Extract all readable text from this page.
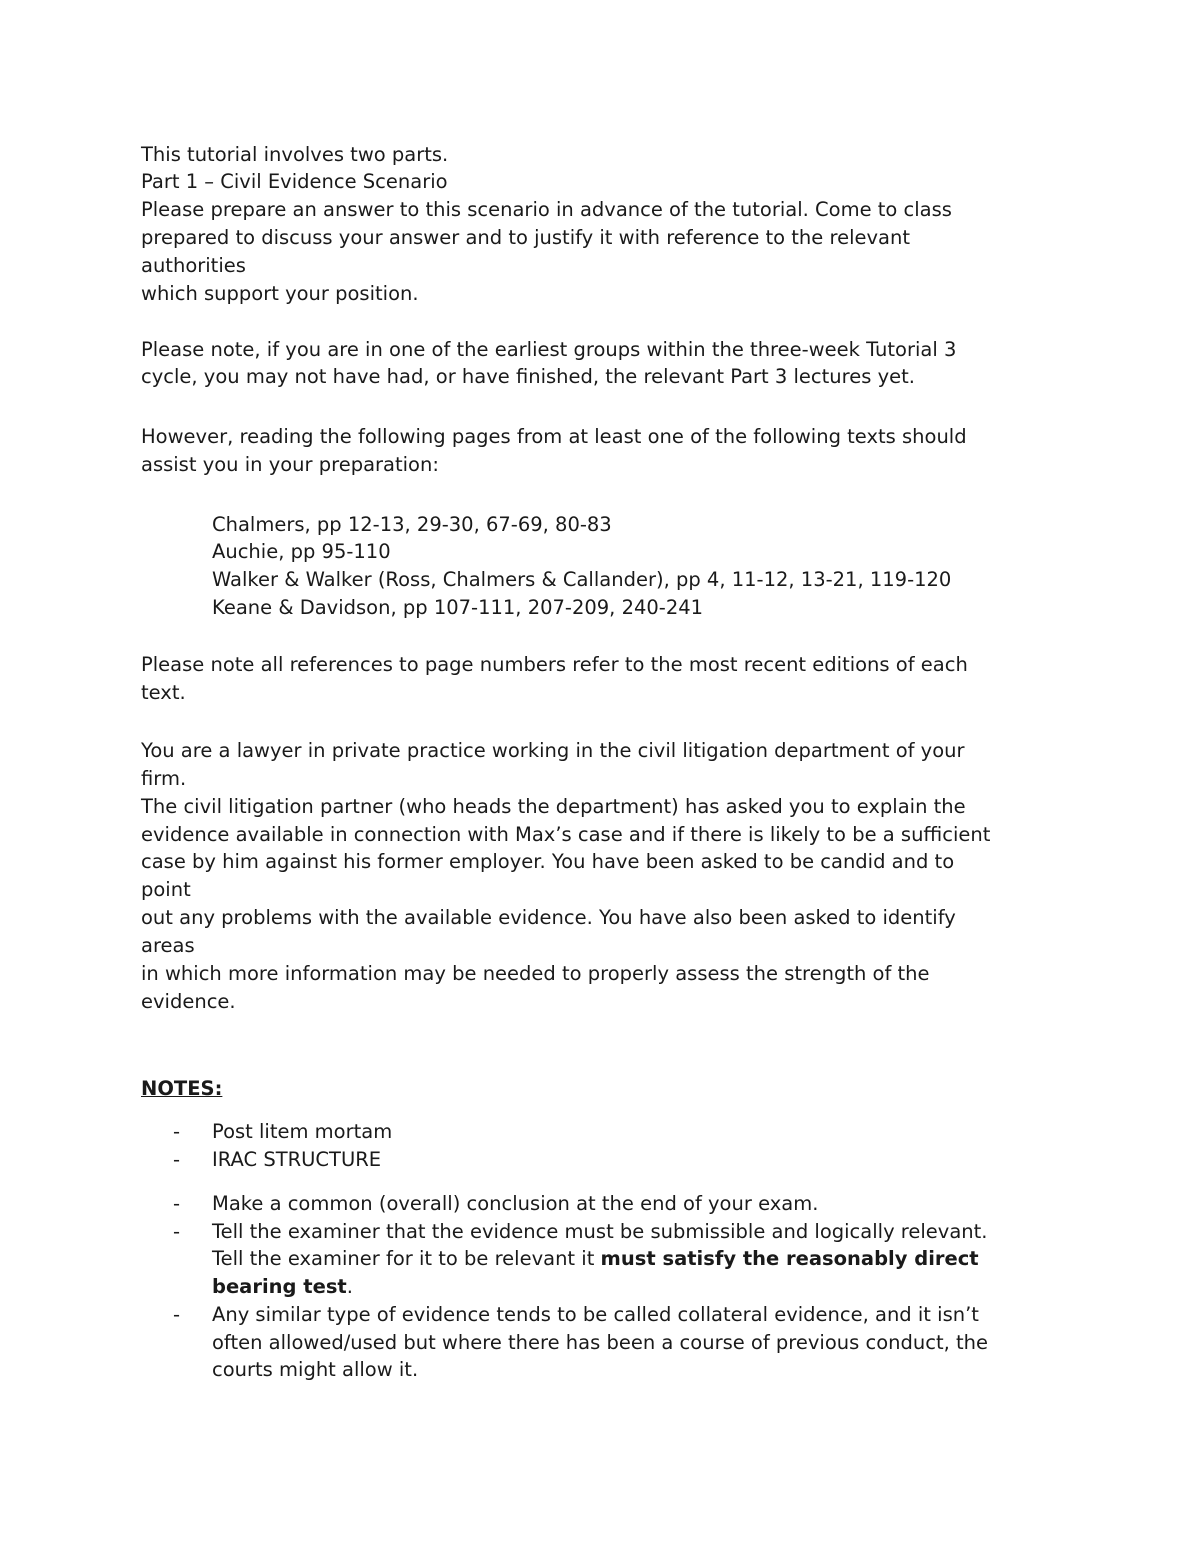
This tutorial involves two parts.
Part 1 – Civil Evidence Scenario
Please prepare an answer to this scenario in advance of the tutorial. Come to class
prepared to discuss your answer and to justify it with reference to the relevant
authorities
which support your position.
Please note, if you are in one of the earliest groups within the three-week Tutorial 3
cycle, you may not have had, or have finished, the relevant Part 3 lectures yet.
However, reading the following pages from at least one of the following texts should
assist you in your preparation:
Chalmers, pp 12-13, 29-30, 67-69, 80-83
Auchie, pp 95-110
Walker & Walker (Ross, Chalmers & Callander), pp 4, 11-12, 13-21, 119-120
Keane & Davidson, pp 107-111, 207-209, 240-241
Please note all references to page numbers refer to the most recent editions of each
text.
You are a lawyer in private practice working in the civil litigation department of your
firm.
The civil litigation partner (who heads the department) has asked you to explain the
evidence available in connection with Max’s case and if there is likely to be a sufficient
case by him against his former employer. You have been asked to be candid and to
point
out any problems with the available evidence. You have also been asked to identify
areas
in which more information may be needed to properly assess the strength of the
evidence.
NOTES:
- Post litem mortam
- IRAC STRUCTURE
- Make a common (overall) conclusion at the end of your exam.
- Tell the examiner that the evidence must be submissible and logically relevant.
Tell the examiner for it to be relevant it must satisfy the reasonably direct
bearing test.
- Any similar type of evidence tends to be called collateral evidence, and it isn’t
often allowed/used but where there has been a course of previous conduct, the
courts might allow it.
